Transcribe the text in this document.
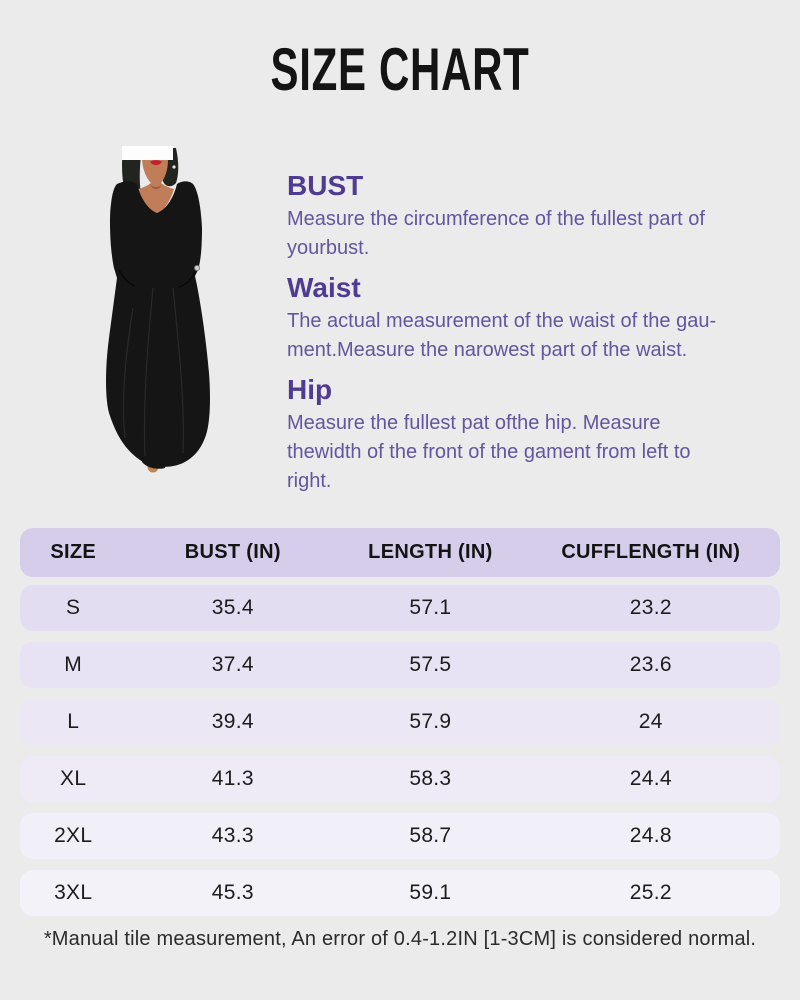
SIZE CHART
BUST
Measure the circumference of the fullest part of
yourbust.
Waist
The actual measurement of the waist of the gau-
ment.Measure the narowest part of the waist.
Hip
Measure the fullest pat ofthe hip. Measure
thewidth of the front of the gament from left to
right.
SIZE	BUST (IN)	LENGTH (IN)	CUFFLENGTH (IN)
S	35.4	57.1	23.2
M	37.4	57.5	23.6
L	39.4	57.9	24
XL	41.3	58.3	24.4
2XL	43.3	58.7	24.8
3XL	45.3	59.1	25.2
*Manual tile measurement, An error of 0.4-1.2IN [1-3CM] is considered normal.
